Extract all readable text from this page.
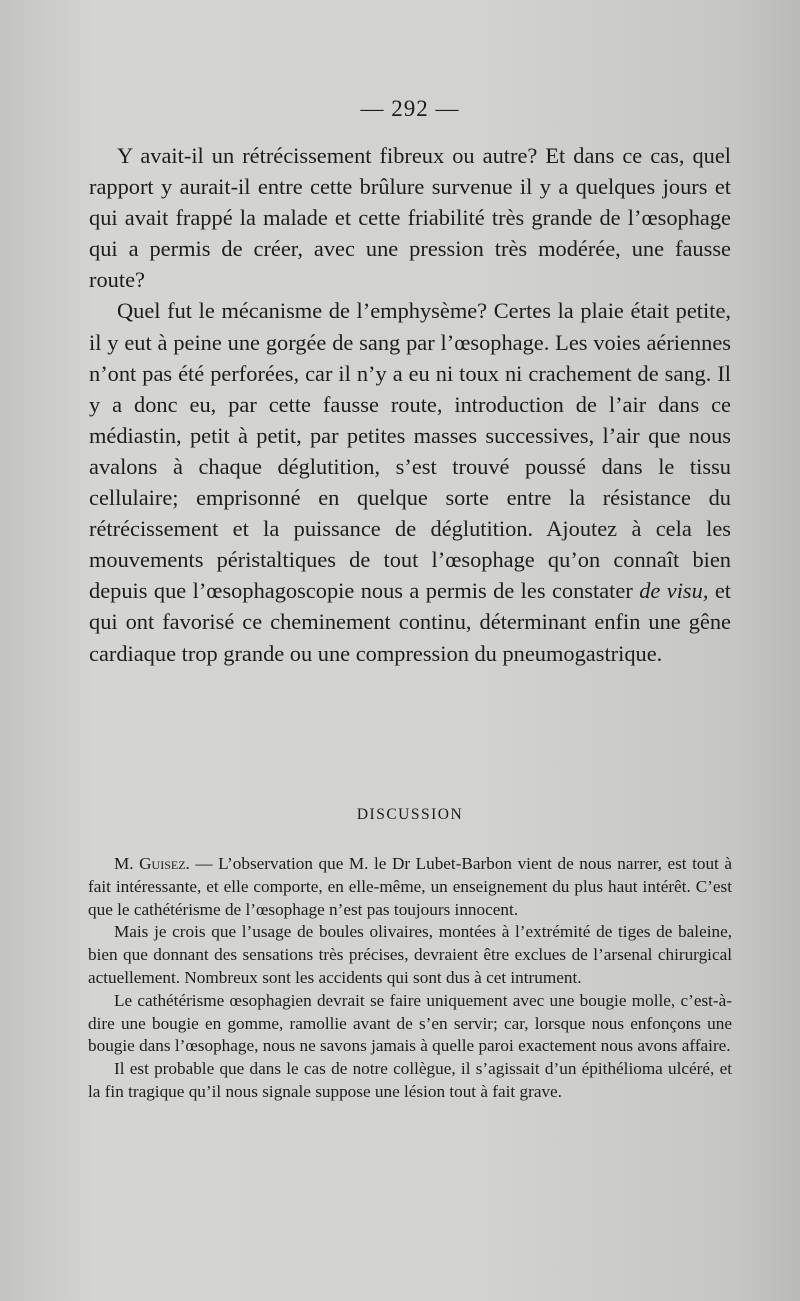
— 292 —

Y avait-il un rétrécissement fibreux ou autre? Et dans ce cas, quel rapport y aurait-il entre cette brûlure survenue il y a quelques jours et qui avait frappé la malade et cette friabilité très grande de l’œsophage qui a permis de créer, avec une pression très modérée, une fausse route?

Quel fut le mécanisme de l’emphysème? Certes la plaie était petite, il y eut à peine une gorgée de sang par l’œsophage. Les voies aériennes n’ont pas été perforées, car il n’y a eu ni toux ni crachement de sang. Il y a donc eu, par cette fausse route, introduction de l’air dans ce médiastin, petit à petit, par petites masses successives, l’air que nous avalons à chaque déglutition, s’est trouvé poussé dans le tissu cellulaire; emprisonné en quelque sorte entre la résistance du rétrécissement et la puissance de déglutition. Ajoutez à cela les mouvements péristaltiques de tout l’œsophage qu’on connaît bien depuis que l’œsophagoscopie nous a permis de les constater de visu, et qui ont favorisé ce cheminement continu, déterminant enfin une gêne cardiaque trop grande ou une compression du pneumogastrique.

DISCUSSION

M. Guisez. — L’observation que M. le Dr Lubet-Barbon vient de nous narrer, est tout à fait intéressante, et elle comporte, en elle-même, un enseignement du plus haut intérêt. C’est que le cathétérisme de l’œsophage n’est pas toujours innocent.

Mais je crois que l’usage de boules olivaires, montées à l’extrémité de tiges de baleine, bien que donnant des sensations très précises, devraient être exclues de l’arsenal chirurgical actuellement. Nombreux sont les accidents qui sont dus à cet intrument.

Le cathétérisme œsophagien devrait se faire uniquement avec une bougie molle, c’est-à-dire une bougie en gomme, ramollie avant de s’en servir; car, lorsque nous enfonçons une bougie dans l’œsophage, nous ne savons jamais à quelle paroi exactement nous avons affaire.

Il est probable que dans le cas de notre collègue, il s’agissait d’un épithélioma ulcéré, et la fin tragique qu’il nous signale suppose une lésion tout à fait grave.
